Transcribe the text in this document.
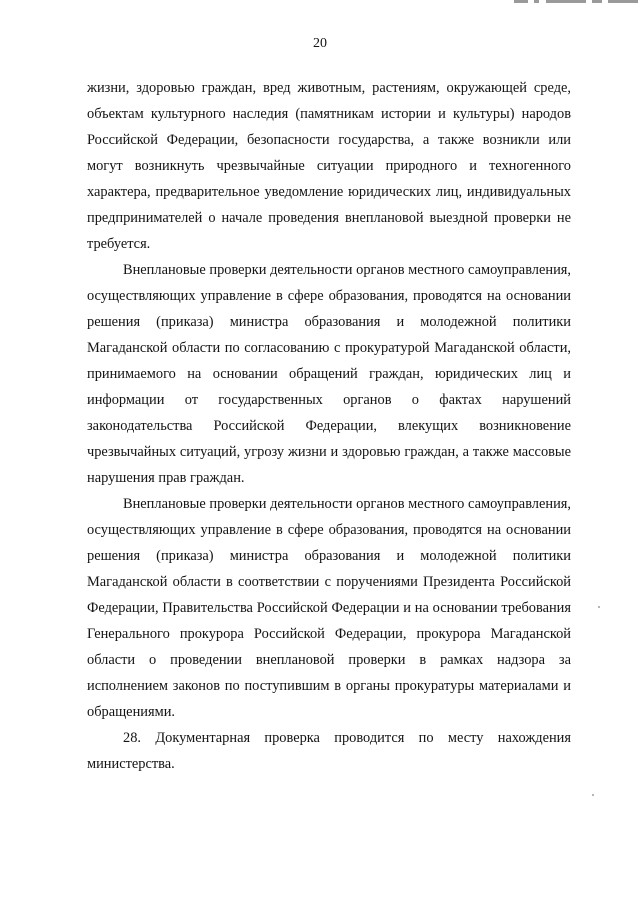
20

жизни, здоровью граждан, вред животным, растениям, окружающей среде, объектам культурного наследия (памятникам истории и культуры) народов Российской Федерации, безопасности государства, а также возникли или могут возникнуть чрезвычайные ситуации природного и техногенного характера, предварительное уведомление юридических лиц, индивидуальных предпринимателей о начале проведения внеплановой выездной проверки не требуется.

Внеплановые проверки деятельности органов местного самоуправления, осуществляющих управление в сфере образования, проводятся на основании решения (приказа) министра образования и молодежной политики Магаданской области по согласованию с прокуратурой Магаданской области, принимаемого на основании обращений граждан, юридических лиц и информации от государственных органов о фактах нарушений законодательства Российской Федерации, влекущих возникновение чрезвычайных ситуаций, угрозу жизни и здоровью граждан, а также массовые нарушения прав граждан.

Внеплановые проверки деятельности органов местного самоуправления, осуществляющих управление в сфере образования, проводятся на основании решения (приказа) министра образования и молодежной политики Магаданской области в соответствии с поручениями Президента Российской Федерации, Правительства Российской Федерации и на основании требования Генерального прокурора Российской Федерации, прокурора Магаданской области о проведении внеплановой проверки в рамках надзора за исполнением законов по поступившим в органы прокуратуры материалами и обращениями.

28. Документарная проверка проводится по месту нахождения министерства.
